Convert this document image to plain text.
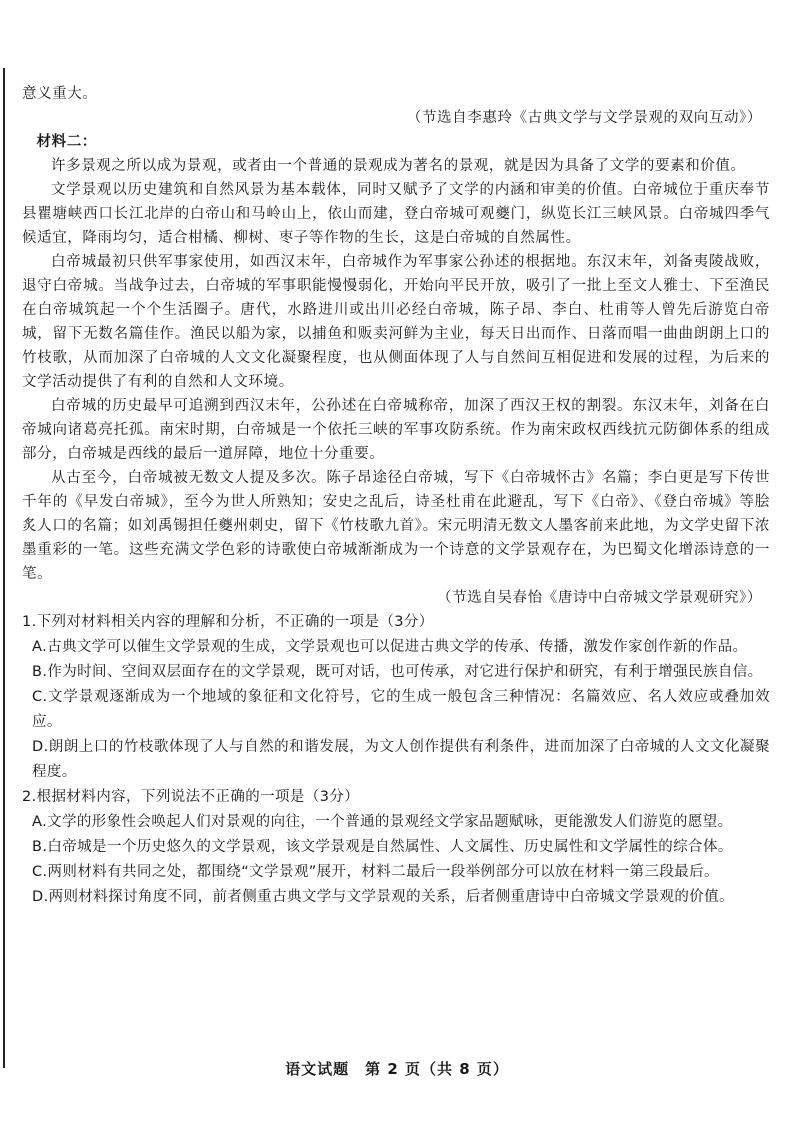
意义重大。

（节选自李惠玲《古典文学与文学景观的双向互动》）

材料二：

许多景观之所以成为景观，或者由一个普通的景观成为著名的景观，就是因为具备了文学的要素和价值。

文学景观以历史建筑和自然风景为基本载体，同时又赋予了文学的内涵和审美的价值。白帝城位于重庆奉节县瞿塘峡西口长江北岸的白帝山和马岭山上，依山而建，登白帝城可观夔门，纵览长江三峡风景。白帝城四季气候适宜，降雨均匀，适合柑橘、柳树、枣子等作物的生长，这是白帝城的自然属性。

白帝城最初只供军事家使用，如西汉末年，白帝城作为军事家公孙述的根据地。东汉末年，刘备夷陵战败，退守白帝城。当战争过去，白帝城的军事职能慢慢弱化，开始向平民开放，吸引了一批上至文人雅士、下至渔民在白帝城筑起一个个生活圈子。唐代，水路进川或出川必经白帝城，陈子昂、李白、杜甫等人曾先后游览白帝城，留下无数名篇佳作。渔民以船为家，以捕鱼和贩卖河鲜为主业，每天日出而作、日落而唱一曲曲朗朗上口的竹枝歌，从而加深了白帝城的人文文化凝聚程度，也从侧面体现了人与自然间互相促进和发展的过程，为后来的文学活动提供了有利的自然和人文环境。

白帝城的历史最早可追溯到西汉末年，公孙述在白帝城称帝，加深了西汉王权的割裂。东汉末年，刘备在白帝城向诸葛亮托孤。南宋时期，白帝城是一个依托三峡的军事攻防系统。作为南宋政权西线抗元防御体系的组成部分，白帝城是西线的最后一道屏障，地位十分重要。

从古至今，白帝城被无数文人提及多次。陈子昂途径白帝城，写下《白帝城怀古》名篇；李白更是写下传世千年的《早发白帝城》，至今为世人所熟知；安史之乱后，诗圣杜甫在此避乱，写下《白帝》、《登白帝城》等脍炙人口的名篇；如刘禹锡担任夔州刺史，留下《竹枝歌九首》。宋元明清无数文人墨客前来此地，为文学史留下浓墨重彩的一笔。这些充满文学色彩的诗歌使白帝城渐渐成为一个诗意的文学景观存在，为巴蜀文化增添诗意的一笔。

（节选自吴春怡《唐诗中白帝城文学景观研究》）

1.下列对材料相关内容的理解和分析，不正确的一项是（3分）

A.古典文学可以催生文学景观的生成，文学景观也可以促进古典文学的传承、传播，激发作家创作新的作品。

B.作为时间、空间双层面存在的文学景观，既可对话，也可传承，对它进行保护和研究，有利于增强民族自信。

C.文学景观逐渐成为一个地域的象征和文化符号，它的生成一般包含三种情况：名篇效应、名人效应或叠加效应。

D.朗朗上口的竹枝歌体现了人与自然的和谐发展，为文人创作提供有利条件，进而加深了白帝城的人文文化凝聚程度。

2.根据材料内容，下列说法不正确的一项是（3分）

A.文学的形象性会唤起人们对景观的向往，一个普通的景观经文学家品题赋咏，更能激发人们游览的愿望。

B.白帝城是一个历史悠久的文学景观，该文学景观是自然属性、人文属性、历史属性和文学属性的综合体。

C.两则材料有共同之处，都围绕“文学景观”展开，材料二最后一段举例部分可以放在材料一第三段最后。

D.两则材料探讨角度不同，前者侧重古典文学与文学景观的关系，后者侧重唐诗中白帝城文学景观的价值。

语文试题　第 2 页（共 8 页）
